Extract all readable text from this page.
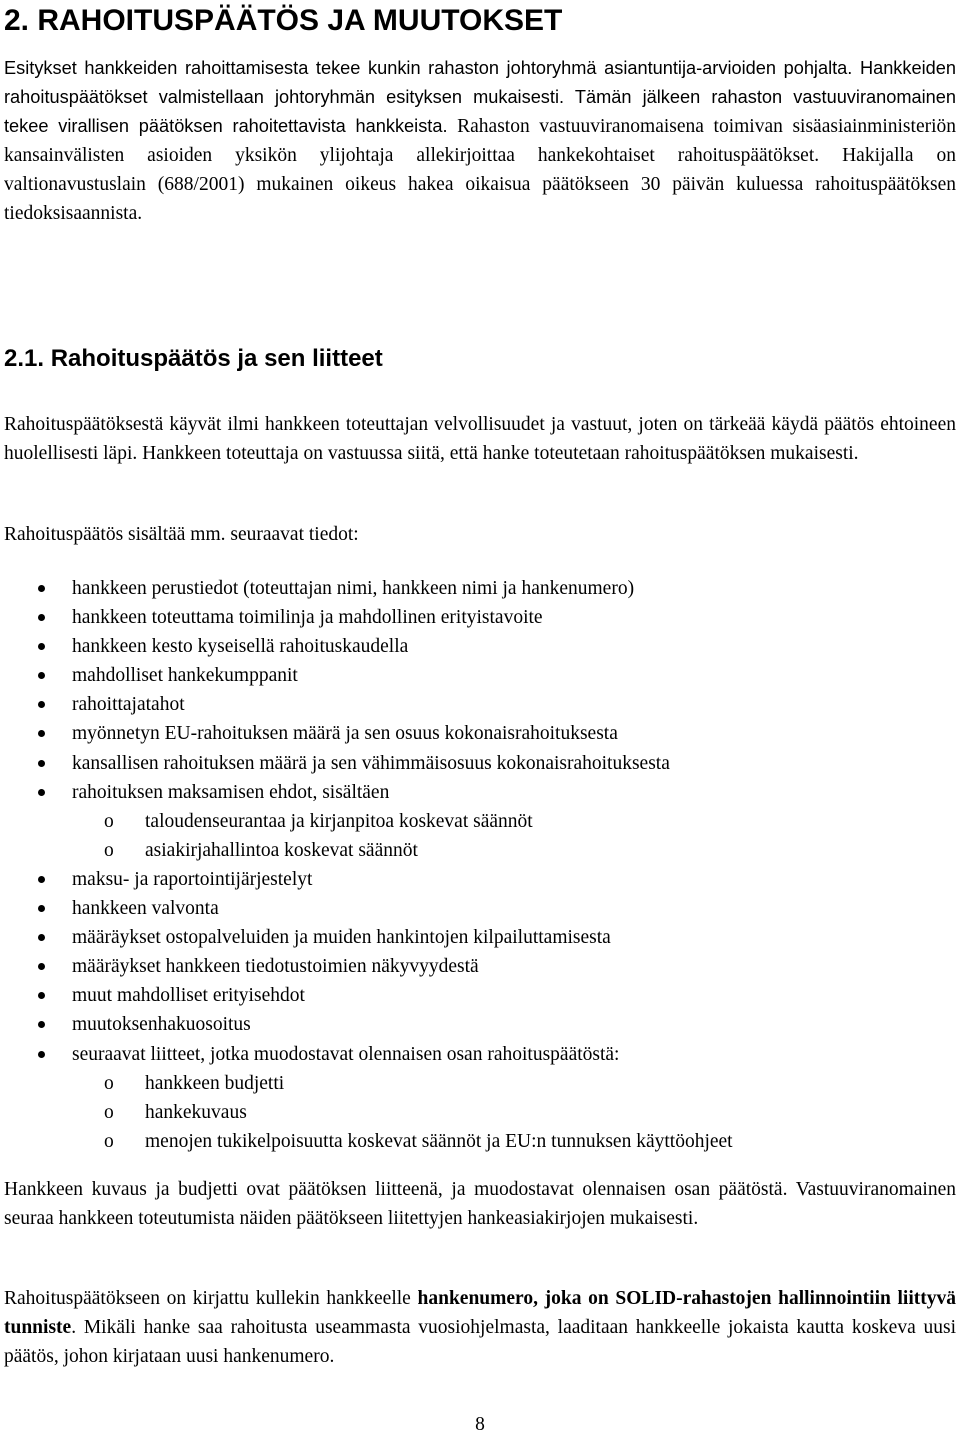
2. RAHOITUSPÄÄTÖS JA MUUTOKSET

Esitykset hankkeiden rahoittamisesta tekee kunkin rahaston johtoryhmä asiantuntija-arvioiden pohjalta. Hankkeiden rahoituspäätökset valmistellaan johtoryhmän esityksen mukaisesti. Tämän jälkeen rahaston vastuuviranomainen tekee virallisen päätöksen rahoitettavista hankkeista. Rahaston vastuuviranomaisena toimivan sisäasiainministeriön kansainvälisten asioiden yksikön ylijohtaja allekirjoittaa hankekohtaiset rahoituspäätökset. Hakijalla on valtionavustuslain (688/2001) mukainen oikeus hakea oikaisua päätökseen 30 päivän kuluessa rahoituspäätöksen tiedoksisaannista.

2.1. Rahoituspäätös ja sen liitteet

Rahoituspäätöksestä käyvät ilmi hankkeen toteuttajan velvollisuudet ja vastuut, joten on tärkeää käydä päätös ehtoineen huolellisesti läpi. Hankkeen toteuttaja on vastuussa siitä, että hanke toteutetaan rahoituspäätöksen mukaisesti.

Rahoituspäätös sisältää mm. seuraavat tiedot:

hankkeen perustiedot (toteuttajan nimi, hankkeen nimi ja hankenumero)
hankkeen toteuttama toimilinja ja mahdollinen erityistavoite
hankkeen kesto kyseisellä rahoituskaudella
mahdolliset hankekumppanit
rahoittajatahot
myönnetyn EU-rahoituksen määrä ja sen osuus kokonaisrahoituksesta
kansallisen rahoituksen määrä ja sen vähimmäisosuus kokonaisrahoituksesta
rahoituksen maksamisen ehdot, sisältäen
o taloudenseurantaa ja kirjanpitoa koskevat säännöt
o asiakirjahallintoa koskevat säännöt
maksu- ja raportointijärjestelyt
hankkeen valvonta
määräykset ostopalveluiden ja muiden hankintojen kilpailuttamisesta
määräykset hankkeen tiedotustoimien näkyvyydestä
muut mahdolliset erityisehdot
muutoksenhakuosoitus
seuraavat liitteet, jotka muodostavat olennaisen osan rahoituspäätöstä:
o hankkeen budjetti
o hankekuvaus
o menojen tukikelpoisuutta koskevat säännöt ja EU:n tunnuksen käyttöohjeet

Hankkeen kuvaus ja budjetti ovat päätöksen liitteenä, ja muodostavat olennaisen osan päätöstä. Vastuuviranomainen seuraa hankkeen toteutumista näiden päätökseen liitettyjen hankeasiakirjojen mukaisesti.

Rahoituspäätökseen on kirjattu kullekin hankkeelle hankenumero, joka on SOLID-rahastojen hallinnointiin liittyvä tunniste. Mikäli hanke saa rahoitusta useammasta vuosiohjelmasta, laaditaan hankkeelle jokaista kautta koskeva uusi päätös, johon kirjataan uusi hankenumero.

8
